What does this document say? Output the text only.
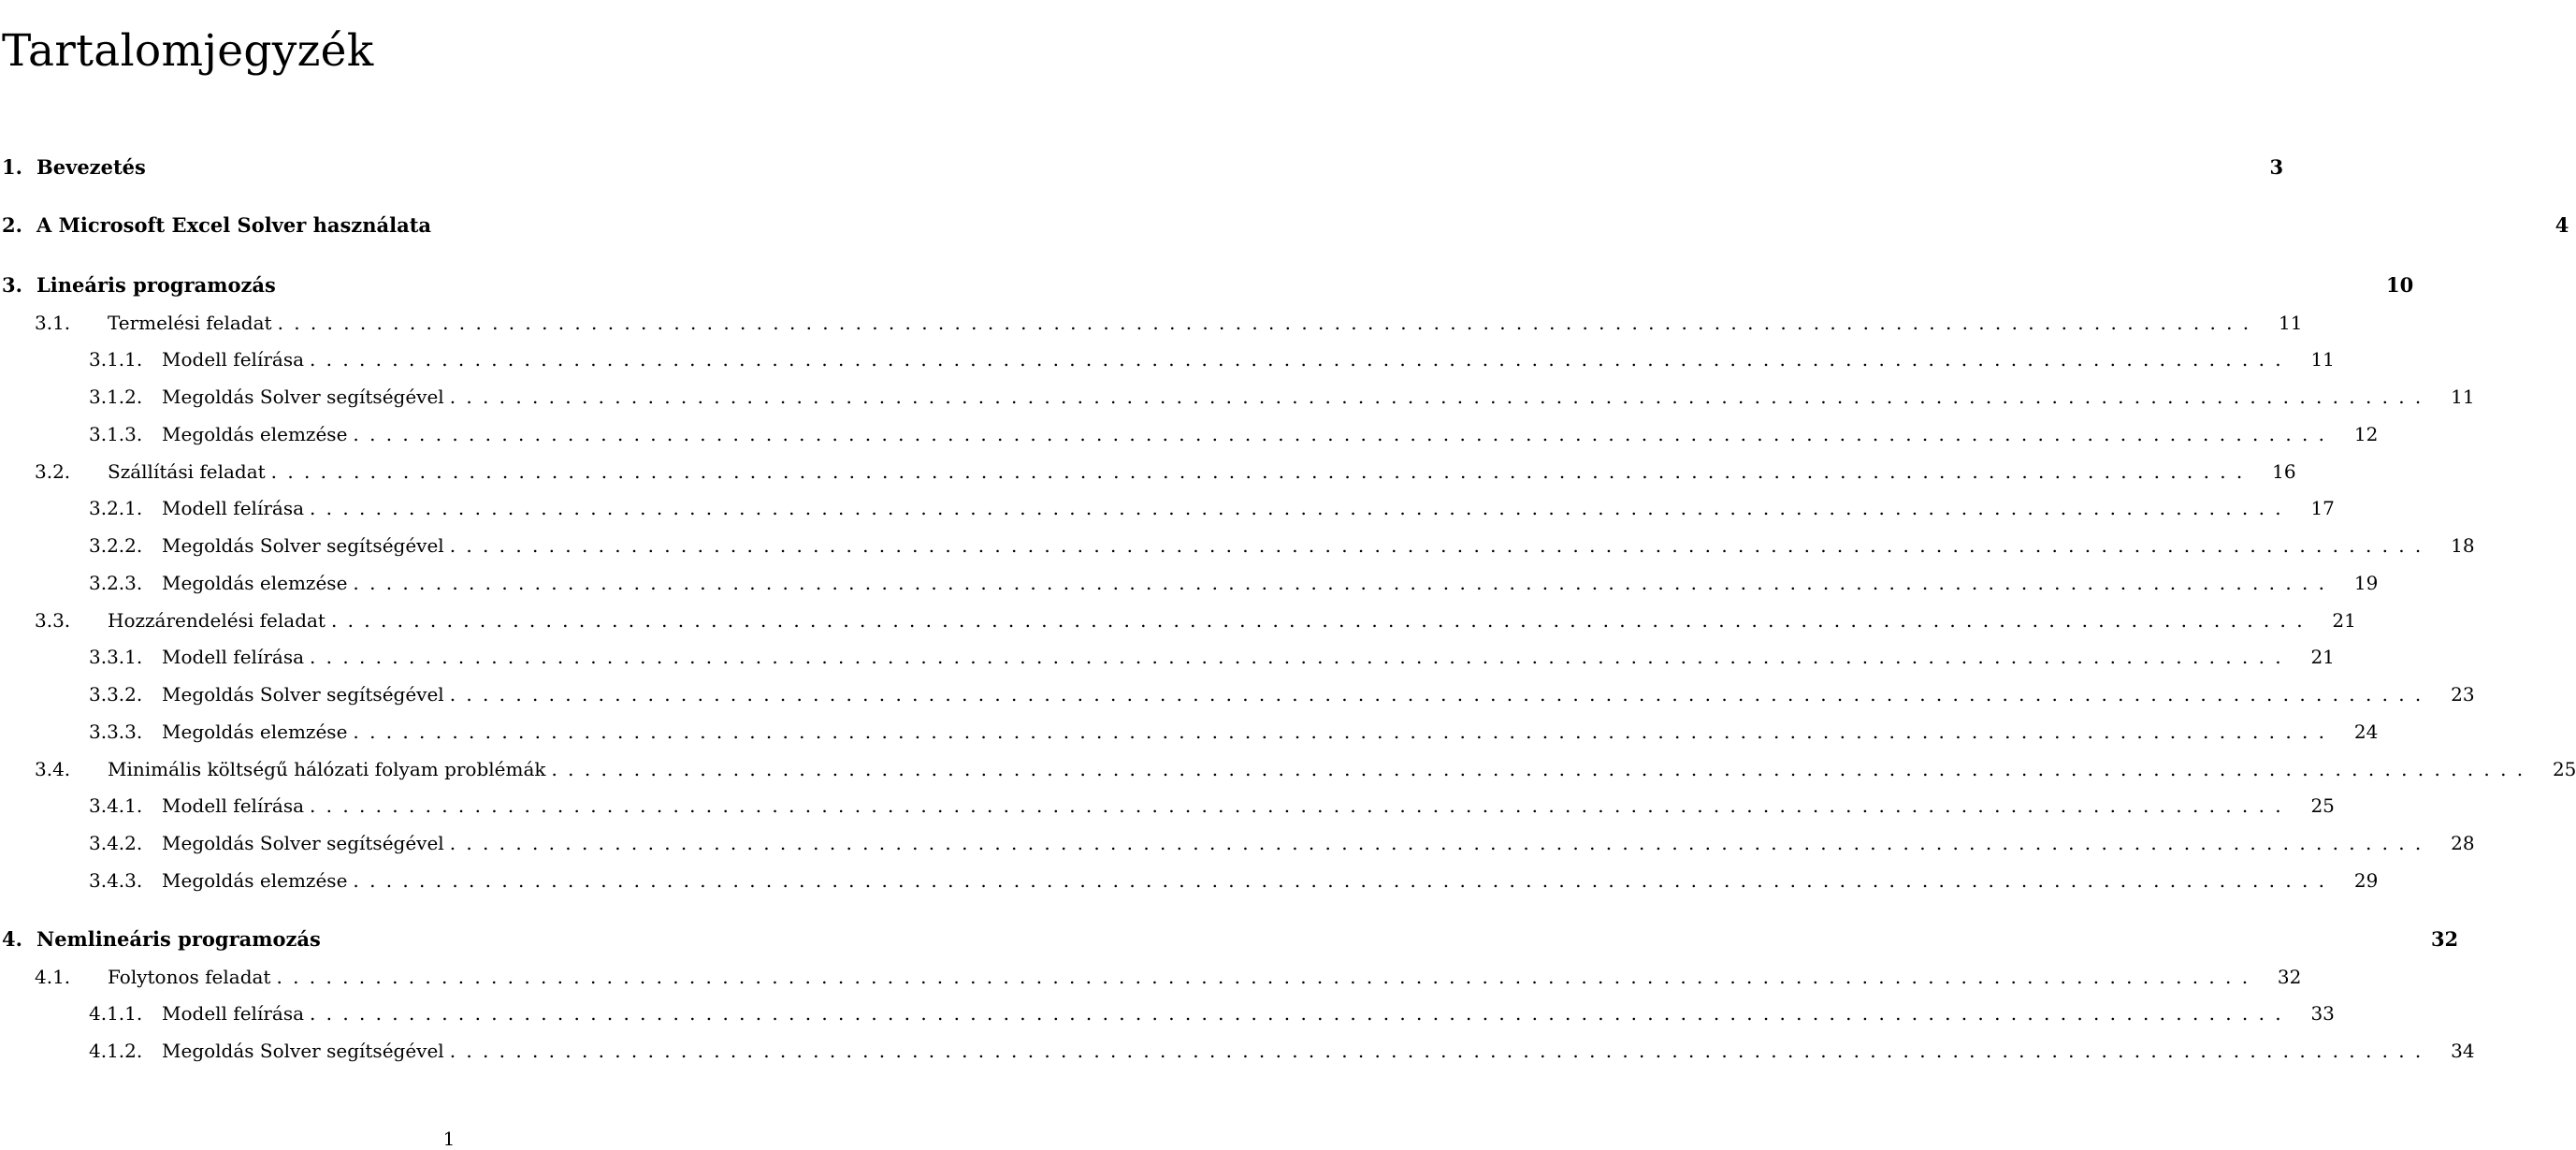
Tartalomjegyzék
1. Bevezetés	3
2. A Microsoft Excel Solver használata	4
3. Lineáris programozás	10
3.1.	Termelési feladat ........................................................................................................................	11
3.1.1.	Modell felírása ........................................................................................................................	11
3.1.2.	Megoldás Solver segítségével ........................................................................................................................	11
3.1.3.	Megoldás elemzése ........................................................................................................................	12
3.2.	Szállítási feladat ........................................................................................................................	16
3.2.1.	Modell felírása ........................................................................................................................	17
3.2.2.	Megoldás Solver segítségével ........................................................................................................................	18
3.2.3.	Megoldás elemzése ........................................................................................................................	19
3.3.	Hozzárendelési feladat ........................................................................................................................	21
3.3.1.	Modell felírása ........................................................................................................................	21
3.3.2.	Megoldás Solver segítségével ........................................................................................................................	23
3.3.3.	Megoldás elemzése ........................................................................................................................	24
3.4.	Minimális költségű hálózati folyam problémák ........................................................................................................................	25
3.4.1.	Modell felírása ........................................................................................................................	25
3.4.2.	Megoldás Solver segítségével ........................................................................................................................	28
3.4.3.	Megoldás elemzése ........................................................................................................................	29
4. Nemlineáris programozás	32
4.1.	Folytonos feladat ........................................................................................................................	32
4.1.1.	Modell felírása ........................................................................................................................	33
4.1.2.	Megoldás Solver segítségével ........................................................................................................................	34
1
